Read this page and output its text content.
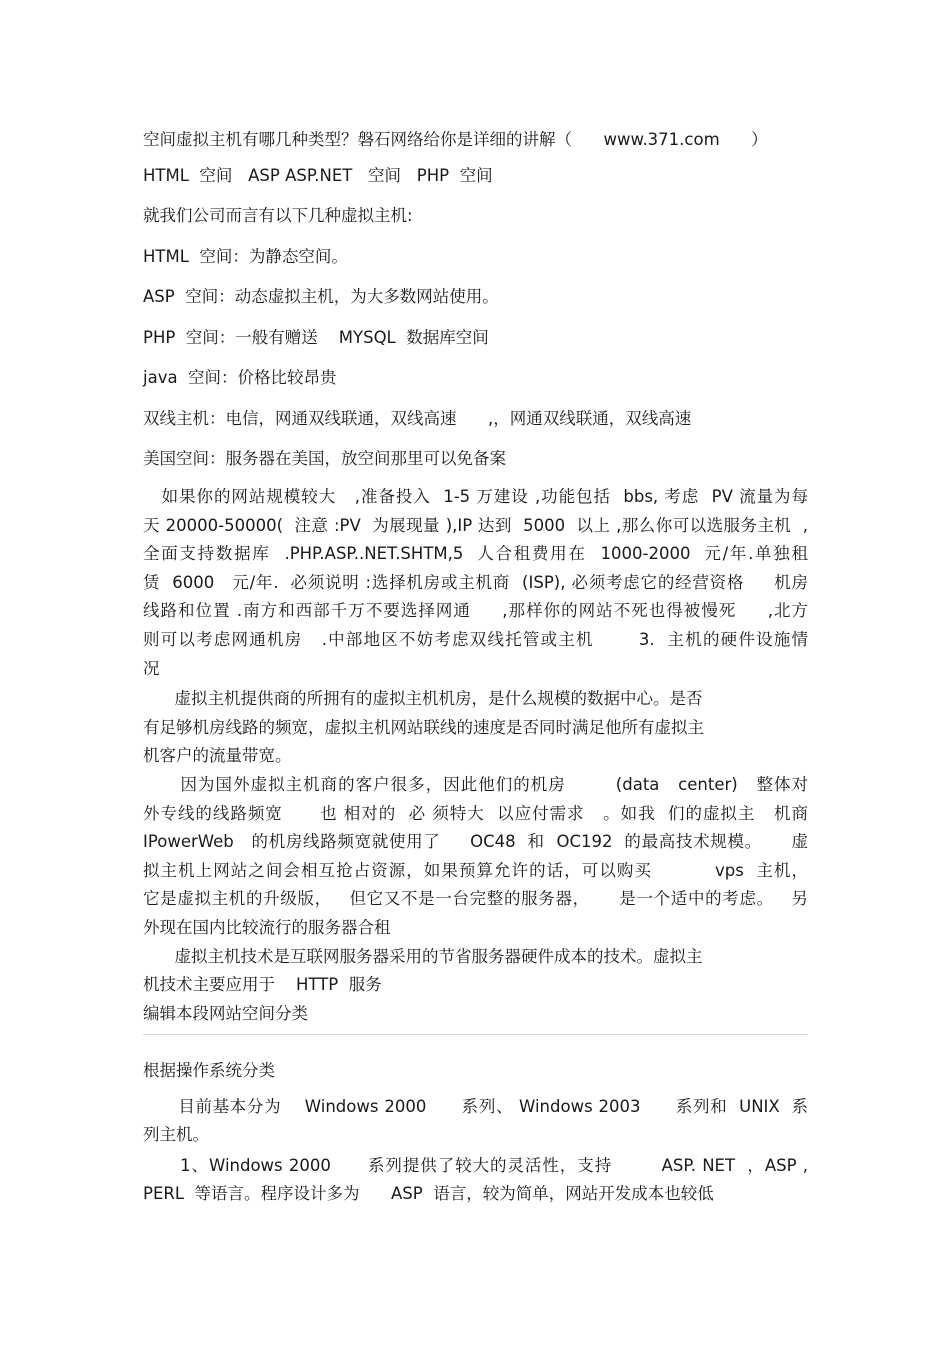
空间虚拟主机有哪几种类型？磐石网络给你是详细的讲解（      www.371.com      ）

HTML  空间   ASP ASP.NET   空间   PHP  空间

就我们公司而言有以下几种虚拟主机:

HTML  空间：为静态空间。

ASP  空间：动态虚拟主机，为大多数网站使用。

PHP  空间：一般有赠送    MYSQL  数据库空间

java  空间：价格比较昂贵

双线主机：电信，网通双线联通，双线高速      ,，网通双线联通，双线高速

美国空间：服务器在美国，放空间那里可以免备案

如果你的网站规模较大   ,准备投入  1-5 万建设 ,功能包括  bbs, 考虑  PV 流量为每
天 20000-50000(  注意 :PV  为展现量 ),IP 达到  5000  以上 ,那么你可以选服务主机  ,
全面支持数据库  .PHP.ASP..NET.SHTM,5  人合租费用在  1000-2000  元/年.单独租
赁  6000   元/年.  必须说明 :选择机房或主机商  (ISP), 必须考虑它的经营资格     机房
线路和位置 .南方和西部千万不要选择网通     ,那样你的网站不死也得被慢死     ,北方
则可以考虑网通机房   .中部地区不妨考虑双线托管或主机       3.  主机的硬件设施情
况
虚拟主机提供商的所拥有的虚拟主机机房，是什么规模的数据中心。是否
有足够机房线路的频宽，虚拟主机网站联线的速度是否同时满足他所有虚拟主
机客户的流量带宽。
因为国外虚拟主机商的客户很多，因此他们的机房        (data   center)   整体对
外专线的线路频宽      也 相对的  必 须特大  以应付需求   。如我  们的虚拟主   机商
IPowerWeb   的机房线路频宽就使用了     OC48  和  OC192  的最高技术规模。     虚
拟主机上网站之间会相互抢占资源，如果预算允许的话，可以购买          vps  主机，
它是虚拟主机的升级版，   但它又不是一台完整的服务器，     是一个适中的考虑。   另
外现在国内比较流行的服务器合租
虚拟主机技术是互联网服务器采用的节省服务器硬件成本的技术。虚拟主
机技术主要应用于    HTTP  服务

编辑本段网站空间分类

根据操作系统分类

目前基本分为    Windows 2000      系列、 Windows 2003      系列和  UNIX  系
列主机。
1、Windows 2000      系列提供了较大的灵活性，支持        ASP. NET  ，ASP ,
PERL  等语言。程序设计多为      ASP  语言，较为简单，网站开发成本也较低
